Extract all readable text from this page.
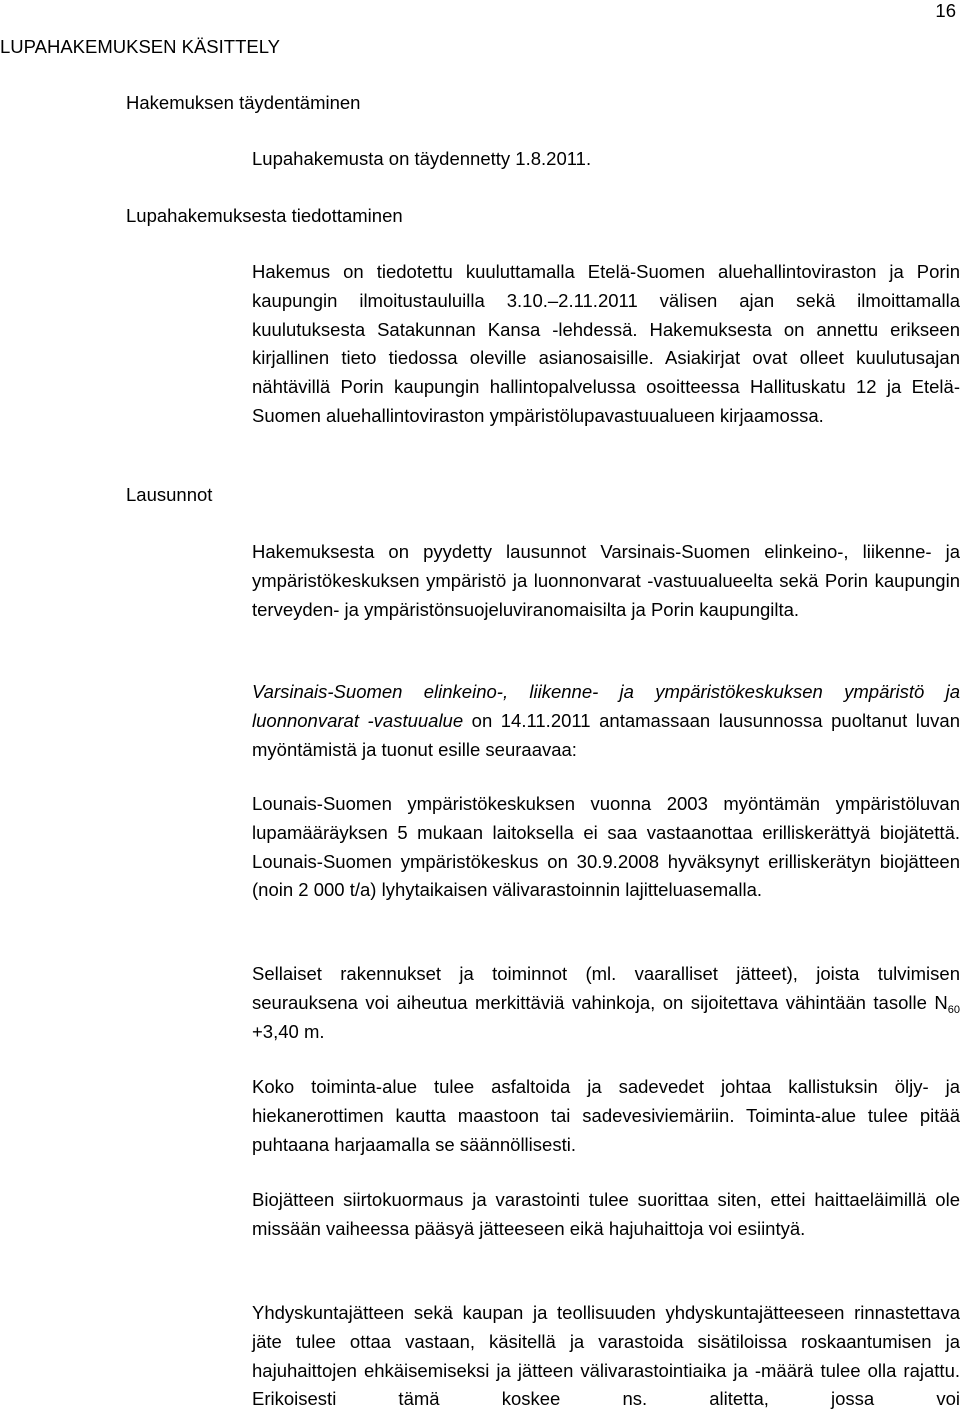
16
LUPAHAKEMUKSEN KÄSITTELY
Hakemuksen täydentäminen
Lupahakemusta on täydennetty 1.8.2011.
Lupahakemuksesta tiedottaminen

Hakemus on tiedotettu kuuluttamalla Etelä-Suomen aluehallintoviraston ja Porin kaupungin ilmoitustauluilla 3.10.–2.11.2011 välisen ajan sekä ilmoittamalla kuulutuksesta Satakunnan Kansa -lehdessä. Hakemuksesta on annettu erikseen kirjallinen tieto tiedossa oleville asianosaisille. Asiakirjat ovat olleet kuulutusajan nähtävillä Porin kaupungin hallintopalvelussa osoitteessa Hallituskatu 12 ja Etelä-Suomen aluehallintoviraston ympäristölupavastuualueen kirjaamossa.

Lausunnot

Hakemuksesta on pyydetty lausunnot Varsinais-Suomen elinkeino-, liikenne- ja ympäristökeskuksen ympäristö ja luonnonvarat -vastuualueelta sekä Porin kaupungin terveyden- ja ympäristönsuojeluviranomaisilta ja Porin kaupungilta.

Varsinais-Suomen elinkeino-, liikenne- ja ympäristökeskuksen ympäristö ja luonnonvarat -vastuualue on 14.11.2011 antamassaan lausunnossa puoltanut luvan myöntämistä ja tuonut esille seuraavaa:

Lounais-Suomen ympäristökeskuksen vuonna 2003 myöntämän ympäristöluvan lupamääräyksen 5 mukaan laitoksella ei saa vastaanottaa erilliskerättyä biojätettä. Lounais-Suomen ympäristökeskus on 30.9.2008 hyväksynyt erilliskerätyn biojätteen (noin 2 000 t/a) lyhytaikaisen välivarastoinnin lajitteluasemalla.

Sellaiset rakennukset ja toiminnot (ml. vaaralliset jätteet), joista tulvimisen seurauksena voi aiheutua merkittäviä vahinkoja, on sijoitettava vähintään tasolle $N_{60} +3,40$ m.

Koko toiminta-alue tulee asfaltoida ja sadevedet johtaa kallistuksin öljy- ja hiekanerottimen kautta maastoon tai sadevesiviemäriin. Toiminta-alue tulee pitää puhtaana harjaamalla se säännöllisesti.

Biojätteen siirtokuormaus ja varastointi tulee suorittaa siten, ettei haittaeläimillä ole missään vaiheessa pääsyä jätteeseen eikä hajuhaittoja voi esiintyä.

Yhdyskuntajätteen sekä kaupan ja teollisuuden yhdyskuntajätteeseen rinnastettava jäte tulee ottaa vastaan, käsitellä ja varastoida sisätiloissa roskaantumisen ja hajuhaittojen ehkäisemiseksi ja jätteen välivarastointiaika ja -määrä tulee olla rajattu. Erikoisesti tämä koskee ns. alitetta, jossa voi
